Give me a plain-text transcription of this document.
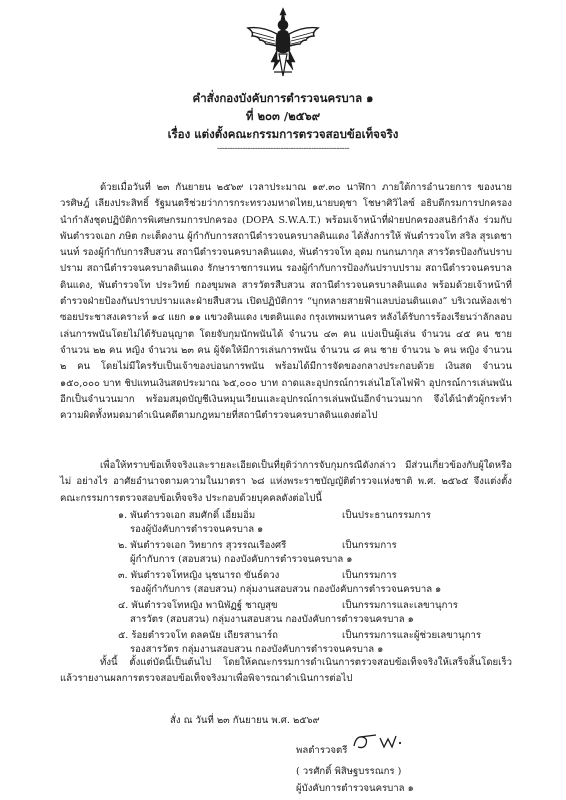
คำสั่งกองบังคับการตำรวจนครบาล ๑
ที่ ๒๐๓ /๒๕๖๙
เรื่อง แต่งตั้งคณะกรรมการตรวจสอบข้อเท็จจริง
----------------------------------------------------

ด้วยเมื่อวันที่ ๒๓ กันยายน ๒๕๖๙ เวลาประมาณ ๑๙.๓๐ นาฬิกา ภายใต้การอำนวยการ ของนายวรศิษฎ์ เลียงประสิทธิ์ รัฐมนตรีช่วยว่าการกระทรวงมหาดไทย,นายบดุชา โชษาศิวิไลซ์ อธิบดีกรมการปกครอง นำกำลังชุดปฏิบัติการพิเศษกรมการปกครอง (DOPA S.W.A.T.) พร้อมเจ้าหน้าที่ฝ่ายปกครองสนธิกำลัง ร่วมกับพันตำรวจเอก ภษิต กะเต็ดงาน ผู้กำกับการสถานีตำรวจนครบาลดินแดง ได้สั่งการให้ พันตำรวจโท สริล สุรเดชานนท์ รองผู้กำกับการสืบสวน สถานีตำรวจนครบาลดินแดง, พันตำรวจโท อุดม กนกนภากุล สารวัตรป้องกันปราบปราม สถานีตำรวจนครบาลดินแดง รักษาราชการแทน รองผู้กำกับการป้องกันปราบปราม สถานีตำรวจนครบาลดินแดง, พันตำรวจโท ประวิทย์ กองขุมพล สารวัตรสืบสวน สถานีตำรวจนครบาลดินแดง พร้อมด้วยเจ้าหน้าที่ตำรวจฝ่ายป้องกันปราบปรามและฝ่ายสืบสวน เปิดปฏิบัติการ “บุกทลายสายฟ้าแลบบ่อนดินแดง” บริเวณห้องเช่าซอยประชาสงเคราะห์ ๑๔ แยก ๑๑ แขวงดินแดง เขตดินแดง กรุงเทพมหานคร หลังได้รับการร้องเรียนว่าลักลอบเล่นการพนันโดยไม่ได้รับอนุญาต โดยจับกุมนักพนันได้ จำนวน ๔๓ คน แบ่งเป็นผู้เล่น จำนวน ๔๕ คน ชาย จำนวน ๒๒ คน หญิง จำนวน ๒๓ คน ผู้จัดให้มีการเล่นการพนัน จำนวน ๘ คน ชาย จำนวน ๖ คน หญิง จำนวน ๒ คน โดยไม่มีใครรับเป็นเจ้าของบ่อนการพนัน พร้อมได้มีการจัดของกลางประกอบด้วย เงินสด จำนวน ๑๕๐,๐๐๐ บาท ชิปแทนเงินสดประมาณ ๖๕,๐๐๐ บาท ถาดและอุปกรณ์การเล่นไฮโลไฟฟ้า อุปกรณ์การเล่นพนันอีกเป็นจำนวนมาก พร้อมสมุดบัญชีเงินหมุนเวียนและอุปกรณ์การเล่นพนันอีกจำนวนมาก จึงได้นำตัวผู้กระทำความผิดทั้งหมดมาดำเนินคดีตามกฎหมายที่สถานีตำรวจนครบาลดินแดงต่อไป

เพื่อให้ทราบข้อเท็จจริงและรายละเอียดเป็นที่ยุติว่าการจับกุมกรณีดังกล่าว มีส่วนเกี่ยวข้องกับผู้ใดหรือไม่ อย่างไร อาศัยอำนาจตามความในมาตรา ๖๘ แห่งพระราชบัญญัติตำรวจแห่งชาติ พ.ศ. ๒๕๖๕ จึงแต่งตั้งคณะกรรมการตรวจสอบข้อเท็จจริง ประกอบด้วยบุคคลดังต่อไปนี้

๑. พันตำรวจเอก สมศักดิ์ เอี่ยมอิ่ม	เป็นประธานกรรมการ
รองผู้บังคับการตำรวจนครบาล ๑
๒. พันตำรวจเอก วิทยากร สุวรรณเรืองศรี	เป็นกรรมการ
ผู้กำกับการ (สอบสวน) กองบังคับการตำรวจนครบาล ๑
๓. พันตำรวจโทหญิง นุชนารถ ขันธ์ดวง	เป็นกรรมการ
รองผู้กำกับการ (สอบสวน) กลุ่มงานสอบสวน กองบังคับการตำรวจนครบาล ๑
๔. พันตำรวจโทหญิง พานิพัฏฐ์ ชาญสุข	เป็นกรรมการและเลขานุการ
สารวัตร (สอบสวน) กลุ่มงานสอบสวน กองบังคับการตำรวจนครบาล ๑
๕. ร้อยตำรวจโท ดลคนัย เถียรสานาร์ถ	เป็นกรรมการและผู้ช่วยเลขานุการ
รองสารวัตร กลุ่มงานสอบสวน กองบังคับการตำรวจนครบาล ๑

ทั้งนี้ ตั้งแต่บัดนี้เป็นต้นไป โดยให้คณะกรรมการดำเนินการตรวจสอบข้อเท็จจริงให้เสร็จสิ้นโดยเร็ว แล้วรายงานผลการตรวจสอบข้อเท็จจริงมาเพื่อพิจารณาดำเนินการต่อไป

สั่ง ณ วันที่ ๒๓ กันยายน พ.ศ. ๒๕๖๙
พลตำรวจตรี
( วรศักดิ์ พิสิษฐบรรณกร )
ผู้บังคับการตำรวจนครบาล ๑
